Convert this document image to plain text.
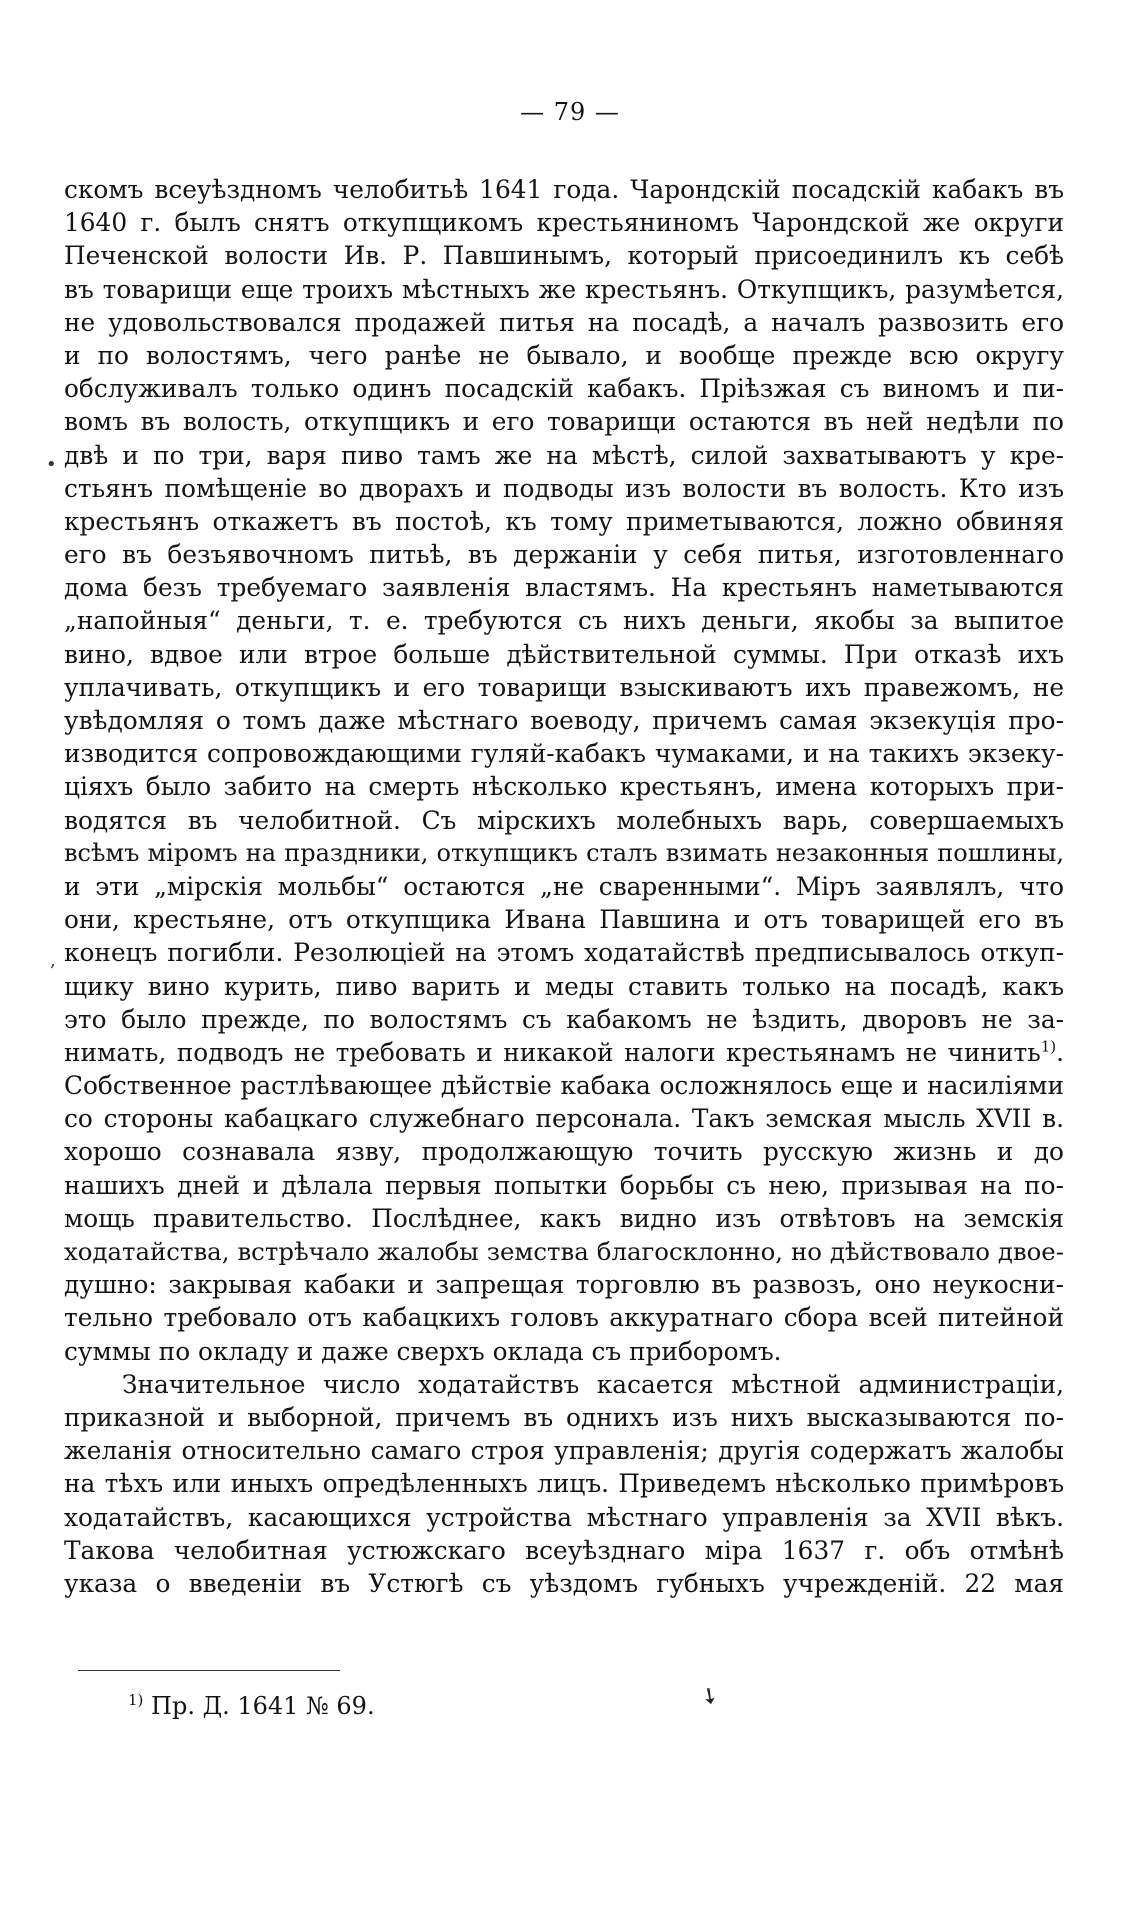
— 79 —
скомъ всеуѣздномъ челобитьѣ 1641 года. Чарондскій посадскій кабакъ въ
1640 г. былъ снятъ откупщикомъ крестьяниномъ Чарондской же округи
Печенской волости Ив. Р. Павшинымъ, который присоединилъ къ себѣ
въ товарищи еще троихъ мѣстныхъ же крестьянъ. Откупщикъ, разумѣется,
не удовольствовался продажей питья на посадѣ, а началъ развозить его
и по волостямъ, чего ранѣе не бывало, и вообще прежде всю округу
обслуживалъ только одинъ посадскій кабакъ. Пріѣзжая съ виномъ и пи-
вомъ въ волость, откупщикъ и его товарищи остаются въ ней недѣли по
двѣ и по три, варя пиво тамъ же на мѣстѣ, силой захватываютъ у кре-
стьянъ помѣщеніе во дворахъ и подводы изъ волости въ волость. Кто изъ
крестьянъ откажетъ въ постоѣ, къ тому приметываются, ложно обвиняя
его въ безъявочномъ питьѣ, въ держаніи у себя питья, изготовленнаго
дома безъ требуемаго заявленія властямъ. На крестьянъ наметываются
„напойныя“ деньги, т. е. требуются съ нихъ деньги, якобы за выпитое
вино, вдвое или втрое больше дѣйствительной суммы. При отказѣ ихъ
уплачивать, откупщикъ и его товарищи взыскиваютъ ихъ правежомъ, не
увѣдомляя о томъ даже мѣстнаго воеводу, причемъ самая экзекуція про-
изводится сопровождающими гуляй-кабакъ чумаками, и на такихъ экзеку-
ціяхъ было забито на смерть нѣсколько крестьянъ, имена которыхъ при-
водятся въ челобитной. Съ мірскихъ молебныхъ варь, совершаемыхъ
всѣмъ міромъ на праздники, откупщикъ сталъ взимать незаконныя пошлины,
и эти „мірскія мольбы“ остаются „не сваренными“. Міръ заявлялъ, что
они, крестьяне, отъ откупщика Ивана Павшина и отъ товарищей его въ
конецъ погибли. Резолюціей на этомъ ходатайствѣ предписывалось откуп-
щику вино курить, пиво варить и меды ставить только на посадѣ, какъ
это было прежде, по волостямъ съ кабакомъ не ѣздить, дворовъ не за-
нимать, подводъ не требовать и никакой налоги крестьянамъ не чинить$^{1)}$.
Собственное растлѣвающее дѣйствіе кабака осложнялось еще и насиліями
со стороны кабацкаго служебнаго персонала. Такъ земская мысль XVII в.
хорошо сознавала язву, продолжающую точить русскую жизнь и до
нашихъ дней и дѣлала первыя попытки борьбы съ нею, призывая на по-
мощь правительство. Послѣднее, какъ видно изъ отвѣтовъ на земскія
ходатайства, встрѣчало жалобы земства благосклонно, но дѣйствовало двое-
душно: закрывая кабаки и запрещая торговлю въ развозъ, оно неукосни-
тельно требовало отъ кабацкихъ головъ аккуратнаго сбора всей питейной
суммы по окладу и даже сверхъ оклада съ приборомъ.
Значительное число ходатайствъ касается мѣстной администраціи,
приказной и выборной, причемъ въ однихъ изъ нихъ высказываются по-
желанія относительно самаго строя управленія; другія содержатъ жалобы
на тѣхъ или иныхъ опредѣленныхъ лицъ. Приведемъ нѣсколько примѣровъ
ходатайствъ, касающихся устройства мѣстнаго управленія за XVII вѣкъ.
Такова челобитная устюжскаго всеуѣзднаго міра 1637 г. объ отмѣнѣ
указа о введеніи въ Устюгѣ съ уѣздомъ губныхъ учрежденій. 22 мая
•
,
$^{1)}$ Пр. Д. 1641 № 69.	➘
